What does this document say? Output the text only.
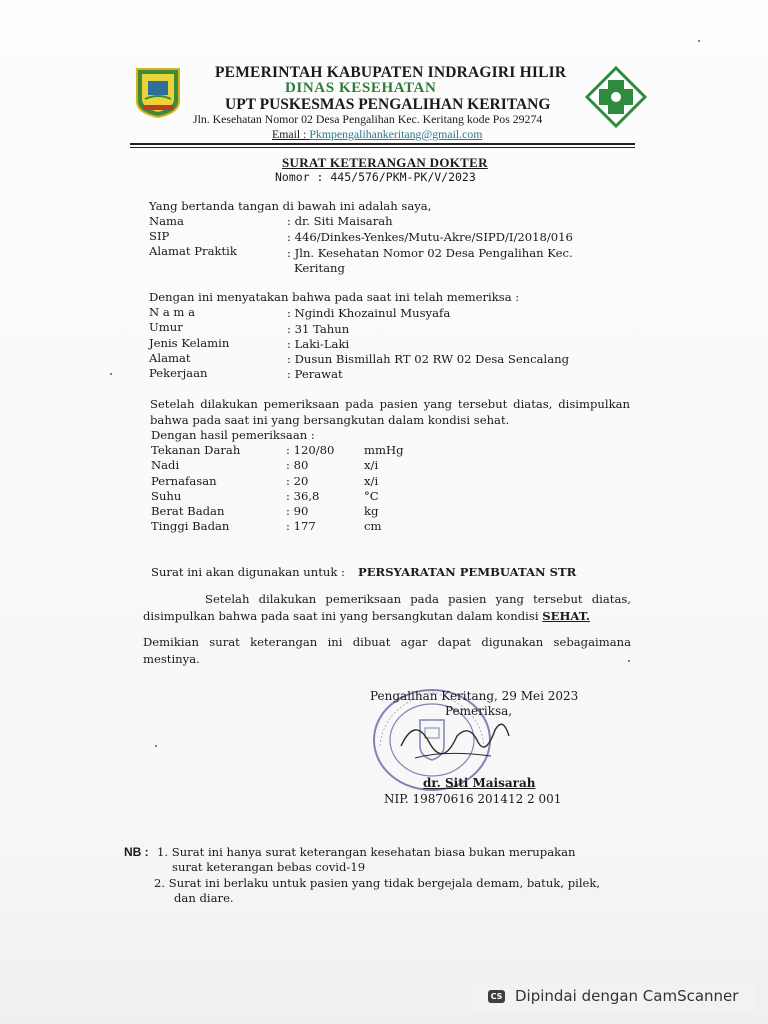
PEMERINTAH KABUPATEN INDRAGIRI HILIR
DINAS KESEHATAN
UPT PUSKESMAS PENGALIHAN KERITANG
Jln. Kesehatan Nomor 02 Desa Pengalihan Kec. Keritang kode Pos 29274
Email : Pkmpengalihankeritang@gmail.com
SURAT KETERANGAN DOKTER
Nomor : 445/576/PKM-PK/V/2023
Yang bertanda tangan di bawah ini adalah saya,
Nama	: dr. Siti Maisarah
SIP	: 446/Dinkes-Yenkes/Mutu-Akre/SIPD/I/2018/016
Alamat Praktik	: Jln. Kesehatan Nomor 02 Desa Pengalihan Kec.
Keritang
Dengan ini menyatakan bahwa pada saat ini telah memeriksa :
N a m a	: Ngindi Khozainul Musyafa
Umur	: 31 Tahun
Jenis Kelamin	: Laki-Laki
Alamat	: Dusun Bismillah RT 02 RW 02 Desa Sencalang
Pekerjaan	: Perawat
Setelah dilakukan pemeriksaan pada pasien yang tersebut diatas, disimpulkan bahwa pada saat ini yang bersangkutan dalam kondisi sehat.
Dengan hasil pemeriksaan :
Tekanan Darah	: 120/80	mmHg
Nadi	: 80	x/i
Pernafasan	: 20	x/i
Suhu	: 36,8	°C
Berat Badan	: 90	kg
Tinggi Badan	: 177	cm
Surat ini akan digunakan untuk : PERSYARATAN PEMBUATAN STR
Setelah dilakukan pemeriksaan pada pasien yang tersebut diatas, disimpulkan bahwa pada saat ini yang bersangkutan dalam kondisi SEHAT.
Demikian surat keterangan ini dibuat agar dapat digunakan sebagaimana mestinya.
Pengalihan Keritang, 29 Mei 2023
Pemeriksa,
dr. Siti Maisarah
NIP. 19870616 201412 2 001
NB : 1. Surat ini hanya surat keterangan kesehatan biasa bukan merupakan
surat keterangan bebas covid-19
2. Surat ini berlaku untuk pasien yang tidak bergejala demam, batuk, pilek,
dan diare.
CS Dipindai dengan CamScanner
